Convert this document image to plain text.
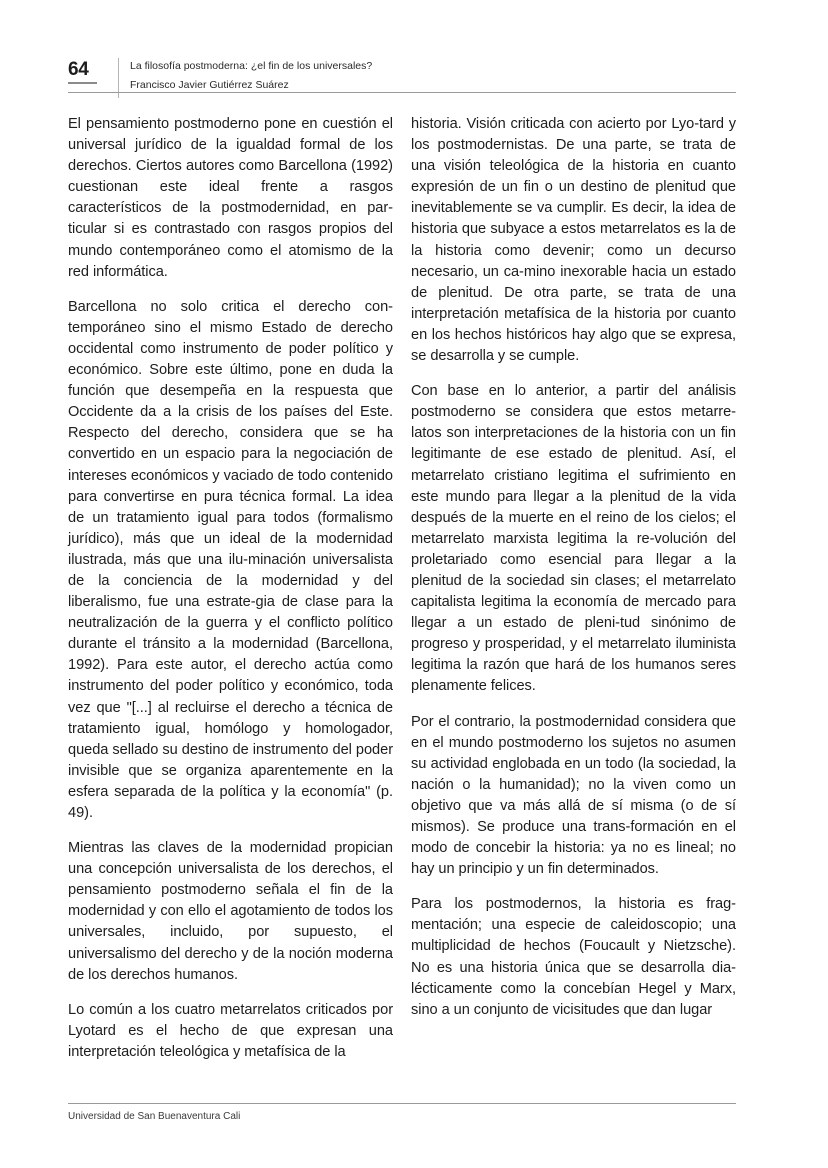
64	La filosofía postmoderna: ¿el fin de los universales?
Francisco Javier Gutiérrez Suárez

El pensamiento postmoderno pone en cuestión el universal jurídico de la igualdad formal de los derechos. Ciertos autores como Barcellona (1992) cuestionan este ideal frente a rasgos característicos de la postmodernidad, en par-ticular si es contrastado con rasgos propios del mundo contemporáneo como el atomismo de la red informática.

Barcellona no solo critica el derecho con-temporáneo sino el mismo Estado de derecho occidental como instrumento de poder político y económico. Sobre este último, pone en duda la función que desempeña en la respuesta que Occidente da a la crisis de los países del Este. Respecto del derecho, considera que se ha convertido en un espacio para la negociación de intereses económicos y vaciado de todo contenido para convertirse en pura técnica formal. La idea de un tratamiento igual para todos (formalismo jurídico), más que un ideal de la modernidad ilustrada, más que una ilu-minación universalista de la conciencia de la modernidad y del liberalismo, fue una estrate-gia de clase para la neutralización de la guerra y el conflicto político durante el tránsito a la modernidad (Barcellona, 1992). Para este autor, el derecho actúa como instrumento del poder político y económico, toda vez que "[...] al recluirse el derecho a técnica de tratamiento igual, homólogo y homologador, queda sellado su destino de instrumento del poder invisible que se organiza aparentemente en la esfera separada de la política y la economía" (p. 49).

Mientras las claves de la modernidad propician una concepción universalista de los derechos, el pensamiento postmoderno señala el fin de la modernidad y con ello el agotamiento de todos los universales, incluido, por supuesto, el universalismo del derecho y de la noción moderna de los derechos humanos.

Lo común a los cuatro metarrelatos criticados por Lyotard es el hecho de que expresan una interpretación teleológica y metafísica de la

historia. Visión criticada con acierto por Lyo-tard y los postmodernistas. De una parte, se trata de una visión teleológica de la historia en cuanto expresión de un fin o un destino de plenitud que inevitablemente se va cumplir. Es decir, la idea de historia que subyace a estos metarrelatos es la de la historia como devenir; como un decurso necesario, un ca-mino inexorable hacia un estado de plenitud. De otra parte, se trata de una interpretación metafísica de la historia por cuanto en los hechos históricos hay algo que se expresa, se desarrolla y se cumple.

Con base en lo anterior, a partir del análisis postmoderno se considera que estos metarre-latos son interpretaciones de la historia con un fin legitimante de ese estado de plenitud. Así, el metarrelato cristiano legitima el sufrimiento en este mundo para llegar a la plenitud de la vida después de la muerte en el reino de los cielos; el metarrelato marxista legitima la re-volución del proletariado como esencial para llegar a la plenitud de la sociedad sin clases; el metarrelato capitalista legitima la economía de mercado para llegar a un estado de pleni-tud sinónimo de progreso y prosperidad, y el metarrelato iluminista legitima la razón que hará de los humanos seres plenamente felices.

Por el contrario, la postmodernidad considera que en el mundo postmoderno los sujetos no asumen su actividad englobada en un todo (la sociedad, la nación o la humanidad); no la viven como un objetivo que va más allá de sí misma (o de sí mismos). Se produce una trans-formación en el modo de concebir la historia: ya no es lineal; no hay un principio y un fin determinados.

Para los postmodernos, la historia es frag-mentación; una especie de caleidoscopio; una multiplicidad de hechos (Foucault y Nietzsche). No es una historia única que se desarrolla dia-lécticamente como la concebían Hegel y Marx, sino a un conjunto de vicisitudes que dan lugar

Universidad de San Buenaventura Cali
